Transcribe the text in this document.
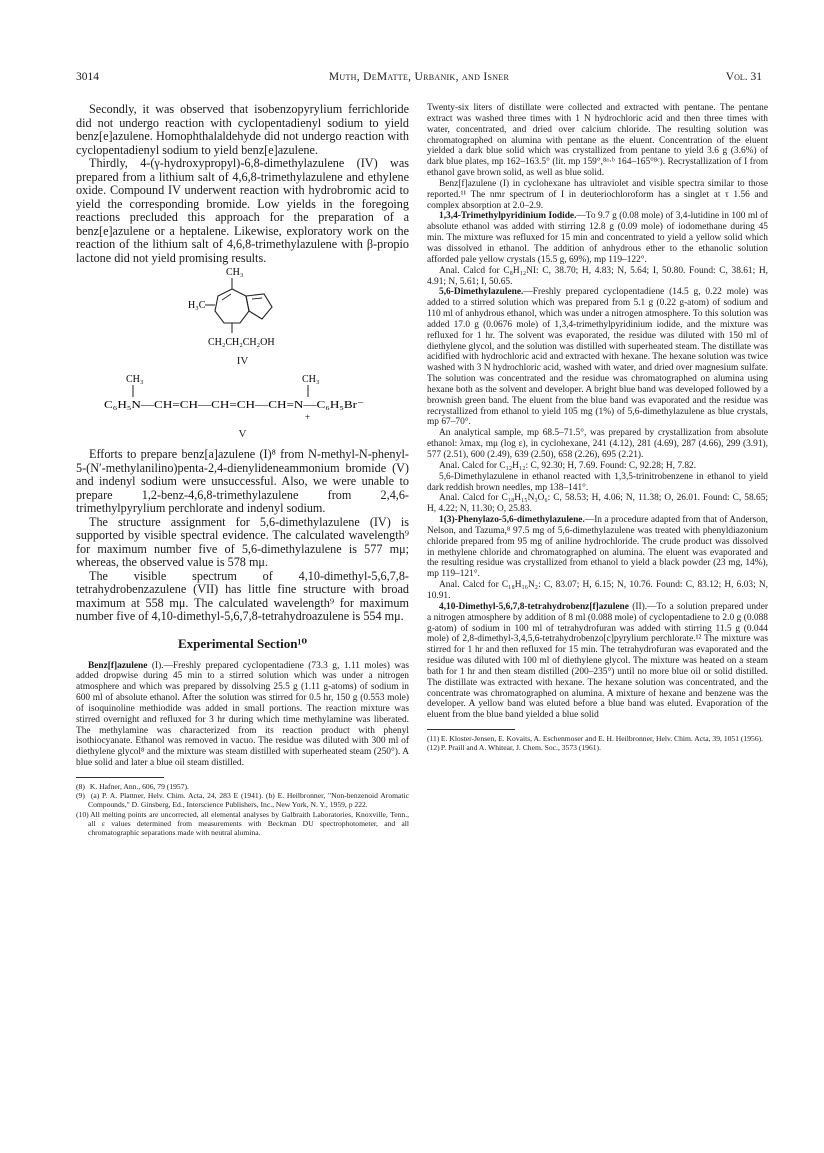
3014	Muth, DeMatte, Urbanik, and Isner	Vol. 31

Secondly, it was observed that isobenzopyrylium ferrichloride did not undergo reaction with cyclopentadienyl sodium to yield benz[e]azulene. Homophthalaldehyde did not undergo reaction with cyclopentadienyl sodium to yield benz[e]azulene.

Thirdly, 4-(γ-hydroxypropyl)-6,8-dimethylazulene (IV) was prepared from a lithium salt of 4,6,8-trimethylazulene and ethylene oxide. Compound IV underwent reaction with hydrobromic acid to yield the corresponding bromide. Low yields in the foregoing reactions precluded this approach for the preparation of a benz[e]azulene or a heptalene. Likewise, exploratory work on the reaction of the lithium salt of 4,6,8-trimethylazulene with β-propio lactone did not yield promising results.

CH₃
H₃C
CH₂CH₂CH₂OH
IV
CH₃	CH₃
C₆H₅N—CH=CH—CH=CH—CH=N—C₆H₅Br⁻
+
V

Efforts to prepare benz[a]azulene (I)⁸ from N-methyl-N-phenyl-5-(N′-methylanilino)penta-2,4-dienylideneammonium bromide (V) and indenyl sodium were unsuccessful. Also, we were unable to prepare 1,2-benz-4,6,8-trimethylazulene from 2,4,6-trimethylpyrylium perchlorate and indenyl sodium.

The structure assignment for 5,6-dimethylazulene (IV) is supported by visible spectral evidence. The calculated wavelength⁹ for maximum number five of 5,6-dimethylazulene is 577 mμ; whereas, the observed value is 578 mμ.

The visible spectrum of 4,10-dimethyl-5,6,7,8-tetrahydrobenzazulene (VII) has little fine structure with broad maximum at 558 mμ. The calculated wavelength⁹ for maximum number five of 4,10-dimethyl-5,6,7,8-tetrahydroazulene is 554 mμ.

Experimental Section¹⁰

Benz[f]azulene (I).—Freshly prepared cyclopentadiene (73.3 g, 1.11 moles) was added dropwise during 45 min to a stirred solution which was under a nitrogen atmosphere and which was prepared by dissolving 25.5 g (1.11 g-atoms) of sodium in 600 ml of absolute ethanol. After the solution was stirred for 0.5 hr, 150 g (0.553 mole) of isoquinoline methiodide was added in small portions. The reaction mixture was stirred overnight and refluxed for 3 hr during which time methylamine was liberated. The methylamine was characterized from its reaction product with phenyl isothiocyanate. Ethanol was removed in vacuo. The residue was diluted with 300 ml of diethylene glycol⁸ and the mixture was steam distilled with superheated steam (250°). A blue solid and later a blue oil steam distilled.

(8) K. Hafner, Ann., 606, 79 (1957).

(9) (a) P. A. Plattner, Helv. Chim. Acta, 24, 283 E (1941). (b) E. Heilbronner, "Non-benzenoid Aromatic Compounds," D. Ginsberg, Ed., Interscience Publishers, Inc., New York, N. Y., 1959, p 222.

(10) All melting points are uncorrected, all elemental analyses by Galbraith Laboratories, Knoxville, Tenn., all ε values determined from measurements with Beckman DU spectrophotometer, and all chromatographic separations made with neutral alumina.

Twenty-six liters of distillate were collected and extracted with pentane. The pentane extract was washed three times with 1 N hydrochloric acid and then three times with water, concentrated, and dried over calcium chloride. The resulting solution was chromatographed on alumina with pentane as the eluent. Concentration of the eluent yielded a dark blue solid which was crystallized from pentane to yield 3.6 g (3.6%) of dark blue plates, mp 162–163.5° (lit. mp 159°,⁸ᵃ·ᵇ 164–165°⁸ᶜ). Recrystallization of I from ethanol gave brown solid, as well as blue solid.

Benz[f]azulene (I) in cyclohexane has ultraviolet and visible spectra similar to those reported.¹¹ The nmr spectrum of I in deuteriochloroform has a singlet at τ 1.56 and complex absorption at 2.0–2.9.

1,3,4-Trimethylpyridinium Iodide.—To 9.7 g (0.08 mole) of 3,4-lutidine in 100 ml of absolute ethanol was added with stirring 12.8 g (0.09 mole) of iodomethane during 45 min. The mixture was refluxed for 15 min and concentrated to yield a yellow solid which was dissolved in ethanol. The addition of anhydrous ether to the ethanolic solution afforded pale yellow crystals (15.5 g, 69%), mp 119–122°.

Anal. Calcd for C₈H₁₂NI: C, 38.70; H, 4.83; N, 5.64; I, 50.80. Found: C, 38.61; H, 4.91; N, 5.61; I, 50.65.

5,6-Dimethylazulene.—Freshly prepared cyclopentadiene (14.5 g, 0.22 mole) was added to a stirred solution which was prepared from 5.1 g (0.22 g-atom) of sodium and 110 ml of anhydrous ethanol, which was under a nitrogen atmosphere. To this solution was added 17.0 g (0.0676 mole) of 1,3,4-trimethylpyridinium iodide, and the mixture was refluxed for 1 hr. The solvent was evaporated, the residue was diluted with 150 ml of diethylene glycol, and the solution was distilled with superheated steam. The distillate was acidified with hydrochloric acid and extracted with hexane. The hexane solution was twice washed with 3 N hydrochloric acid, washed with water, and dried over magnesium sulfate. The solution was concentrated and the residue was chromatographed on alumina using hexane both as the solvent and developer. A bright blue band was developed followed by a brownish green band. The eluent from the blue band was evaporated and the residue was recrystallized from ethanol to yield 105 mg (1%) of 5,6-dimethylazulene as blue crystals, mp 67–70°.

An analytical sample, mp 68.5–71.5°, was prepared by crystallization from absolute ethanol: λmax, mμ (log ε), in cyclohexane, 241 (4.12), 281 (4.69), 287 (4.66), 299 (3.91), 577 (2.51), 600 (2.49), 639 (2.50), 658 (2.26), 695 (2.21).

Anal. Calcd for C₁₂H₁₂: C, 92.30; H, 7.69. Found: C, 92.28; H, 7.82.

5,6-Dimethylazulene in ethanol reacted with 1,3,5-trinitrobenzene in ethanol to yield dark reddish brown needles, mp 138–141°.

Anal. Calcd for C₁₈H₁₅N₃O₆: C, 58.53; H, 4.06; N, 11.38; O, 26.01. Found: C, 58.65; H, 4.22; N, 11.30; O, 25.83.

1(3)-Phenylazo-5,6-dimethylazulene.—In a procedure adapted from that of Anderson, Nelson, and Tazuma,⁸ 97.5 mg of 5,6-dimethylazulene was treated with phenyldiazonium chloride prepared from 95 mg of aniline hydrochloride. The crude product was dissolved in methylene chloride and chromatographed on alumina. The eluent was evaporated and the resulting residue was crystallized from ethanol to yield a black powder (23 mg, 14%), mp 119–121°.

Anal. Calcd for C₁₈H₁₆N₂: C, 83.07; H, 6.15; N, 10.76. Found: C, 83.12; H, 6.03; N, 10.91.

4,10-Dimethyl-5,6,7,8-tetrahydrobenz[f]azulene (II).—To a solution prepared under a nitrogen atmosphere by addition of 8 ml (0.088 mole) of cyclopentadiene to 2.0 g (0.088 g-atom) of sodium in 100 ml of tetrahydrofuran was added with stirring 11.5 g (0.044 mole) of 2,8-dimethyl-3,4,5,6-tetrahydrobenzo[c]pyrylium perchlorate.¹² The mixture was stirred for 1 hr and then refluxed for 15 min. The tetrahydrofuran was evaporated and the residue was diluted with 100 ml of diethylene glycol. The mixture was heated on a steam bath for 1 hr and then steam distilled (200–235°) until no more blue oil or solid distilled. The distillate was extracted with hexane. The hexane solution was concentrated, and the concentrate was chromatographed on alumina. A mixture of hexane and benzene was the developer. A yellow band was eluted before a blue band was eluted. Evaporation of the eluent from the blue band yielded a blue solid

(11) E. Kloster-Jensen, E. Kovaits, A. Eschenmoser and E. H. Heilbronner, Helv. Chim. Acta, 39, 1051 (1956).

(12) P. Praill and A. Whitear, J. Chem. Soc., 3573 (1961).
